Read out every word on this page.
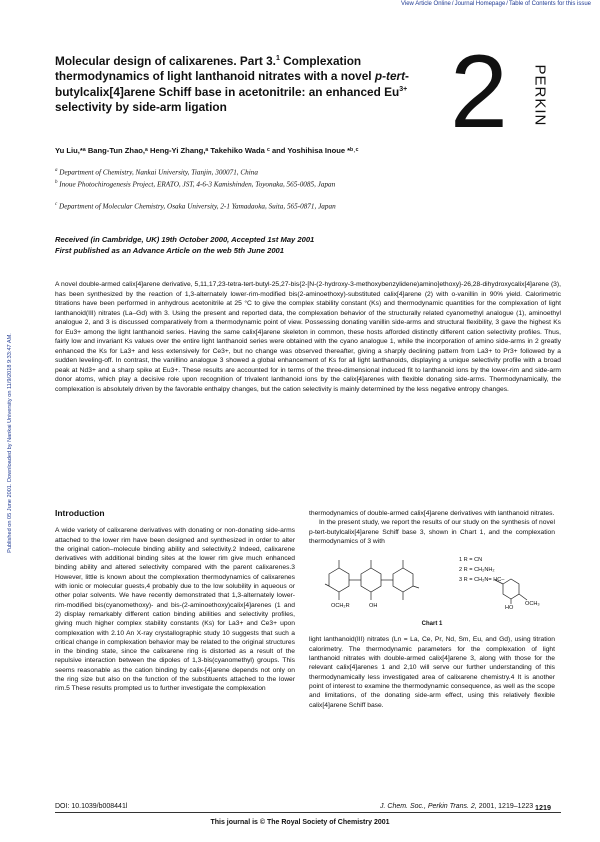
View Article Online/Journal Homepage/Table of Contents for this issue
Published on 05 June 2001. Downloaded by Nankai University on 11/9/2018 9:33:47 AM.
Molecular design of calixarenes. Part 3.$^1$ Complexation thermodynamics of light lanthanoid nitrates with a novel p-tert-butylcalix[4]arene Schiff base in acetonitrile: an enhanced $Eu^{3+}$ selectivity by side-arm ligation	2 PERKIN
Yu Liu,*ᵃ Bang-Tun Zhao,ᵃ Heng-Yi Zhang,ᵃ Takehiko Wada ᶜ and Yoshihisa Inoue *ᵇ˒ᶜ
$^a$ Department of Chemistry, Nankai University, Tianjin, 300071, China
$^b$ Inoue Photochirogenesis Project, ERATO, JST, 4-6-3 Kamishinden, Toyonaka, 565-0085, Japan
$^c$ Department of Molecular Chemistry, Osaka University, 2-1 Yamadaoka, Suita, 565-0871, Japan
Received (in Cambridge, UK) 19th October 2000, Accepted 1st May 2001
First published as an Advance Article on the web 5th June 2001
A novel double-armed calix[4]arene derivative, 5,11,17,23-tetra-tert-butyl-25,27-bis{2-[N-(2-hydroxy-3-methoxybenzylidene)amino]ethoxy}-26,28-dihydroxycalix[4]arene (3), has been synthesized by the reaction of 1,3-alternately lower-rim-modified bis(2-aminoethoxy)-substituted calix[4]arene (2) with o-vanillin in 90% yield. Calorimetric titrations have been performed in anhydrous acetonitrile at 25 °C to give the complex stability constant (Ks) and thermodynamic quantities for the complexation of light lanthanoid(III) nitrates (La–Gd) with 3. Using the present and reported data, the complexation behavior of the structurally related cyanomethyl analogue (1), aminoethyl analogue 2, and 3 is discussed comparatively from a thermodynamic point of view. Possessing donating vanillin side-arms and structural flexibility, 3 gave the highest Ks for Eu3+ among the light lanthanoid series. Having the same calix[4]arene skeleton in common, these hosts afforded distinctly different cation selectivity profiles. Thus, fairly low and invariant Ks values over the entire light lanthanoid series were obtained with the cyano analogue 1, while the incorporation of amino side-arms in 2 greatly enhanced the Ks for La3+ and less extensively for Ce3+, but no change was observed thereafter, giving a sharply declining pattern from La3+ to Pr3+ followed by a sudden leveling-off. In contrast, the vanillino analogue 3 showed a global enhancement of Ks for all light lanthanoids, displaying a unique selectivity profile with a broad peak at Nd3+ and a sharp spike at Eu3+. These results are accounted for in terms of the three-dimensional induced fit to lanthanoid ions by the lower-rim and side-arm donor atoms, which play a decisive role upon recognition of trivalent lanthanoid ions by the calix[4]arenes with flexible donating side-arms. Thermodynamically, the complexation is absolutely driven by the favorable enthalpy changes, but the cation selectivity is mainly determined by the less negative entropy changes.
Introduction

A wide variety of calixarene derivatives with donating or non-donating side-arms attached to the lower rim have been designed and synthesized in order to alter the original cation–molecule binding ability and selectivity.2 Indeed, calixarene derivatives with additional binding sites at the lower rim give much enhanced binding ability and altered selectivity compared with the parent calixarenes.3 However, little is known about the complexation thermodynamics of calixarenes with ionic or molecular guests,4 probably due to the low solubility in aqueous or other polar solvents. We have recently demonstrated that 1,3-alternately lower-rim-modified bis(cyanomethoxy)- and bis-(2-aminoethoxy)calix[4]arenes (1 and 2) display remarkably different cation binding abilities and selectivity profiles, giving much higher complex stability constants (Ks) for La3+ and Ce3+ upon complexation with 2.10 An X-ray crystallographic study 10 suggests that such a critical change in complexation behavior may be related to the original structures in the binding state, since the calixarene ring is distorted as a result of the repulsive interaction between the dipoles of 1,3-bis(cyanomethyl) groups. This seems reasonable as the cation binding by calix-[4]arene depends not only on the ring size but also on the function of the substituents attached to the lower rim.5 These results prompted us to further investigate the complexation

thermodynamics of double-armed calix[4]arene derivatives with lanthanoid nitrates.

In the present study, we report the results of our study on the synthesis of novel p-tert-butylcalix[4]arene Schiff base 3, shown in Chart 1, and the complexation thermodynamics of 3 with

1 R = CN
2 R = CH₂NH₂
3 R = CH₂N= HC–
OCH₂R	OH	HO
OCH₃
Chart 1

light lanthanoid(III) nitrates (Ln = La, Ce, Pr, Nd, Sm, Eu, and Gd), using titration calorimetry. The thermodynamic parameters for the complexation of light lanthanoid nitrates with double-armed calix[4]arene 3, along with those for the relevant calix[4]arenes 1 and 2,10 will serve our further understanding of this thermodynamically less investigated area of calixarene chemistry.4 It is another point of interest to examine the thermodynamic consequence, as well as the scope and limitations, of the donating side-arm effect, using this relatively flexible calix[4]arene Schiff base.

DOI: 10.1039/b008441l	J. Chem. Soc., Perkin Trans. 2, 2001, 1219–1223 1219
This journal is © The Royal Society of Chemistry 2001
